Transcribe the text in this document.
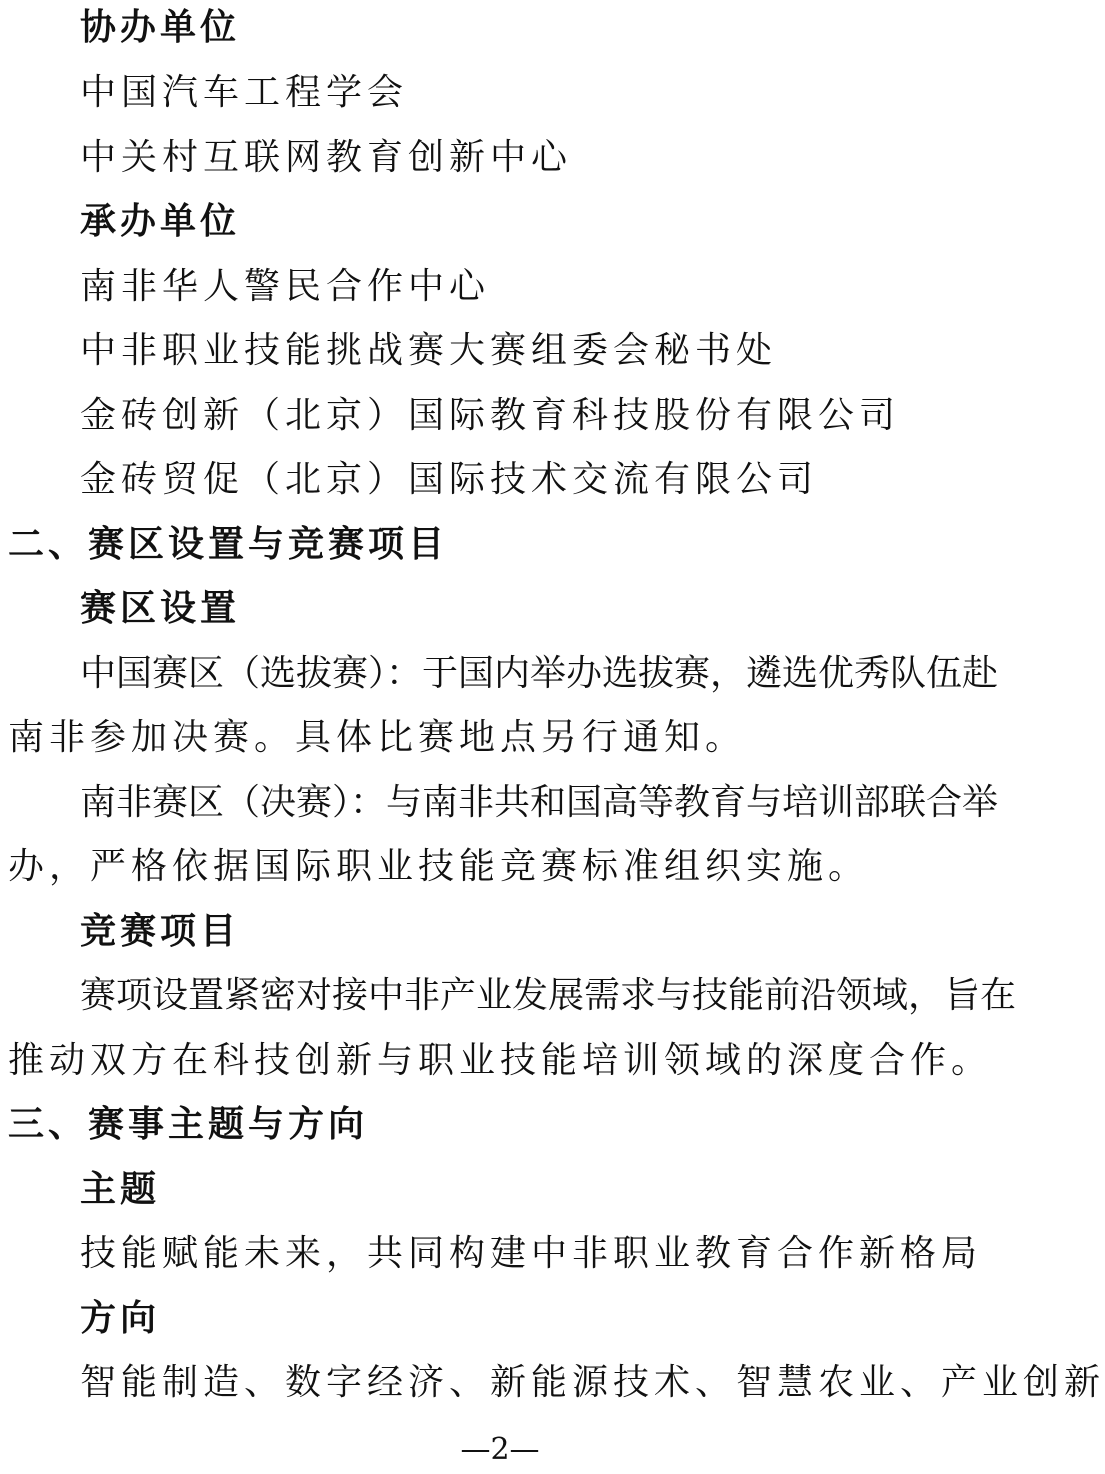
协办单位
中国汽车工程学会
中关村互联网教育创新中心
承办单位
南非华人警民合作中心
中非职业技能挑战赛大赛组委会秘书处
金砖创新（北京）国际教育科技股份有限公司
金砖贸促（北京）国际技术交流有限公司
二、赛区设置与竞赛项目
赛区设置
中国赛区（选拔赛）：于国内举办选拔赛，遴选优秀队伍赴
南非参加决赛。具体比赛地点另行通知。
南非赛区（决赛）：与南非共和国高等教育与培训部联合举
办，严格依据国际职业技能竞赛标准组织实施。
竞赛项目
赛项设置紧密对接中非产业发展需求与技能前沿领域，旨在
推动双方在科技创新与职业技能培训领域的深度合作。
三、赛事主题与方向
主题
技能赋能未来，共同构建中非职业教育合作新格局
方向
智能制造、数字经济、新能源技术、智慧农业、产业创新
—2—
